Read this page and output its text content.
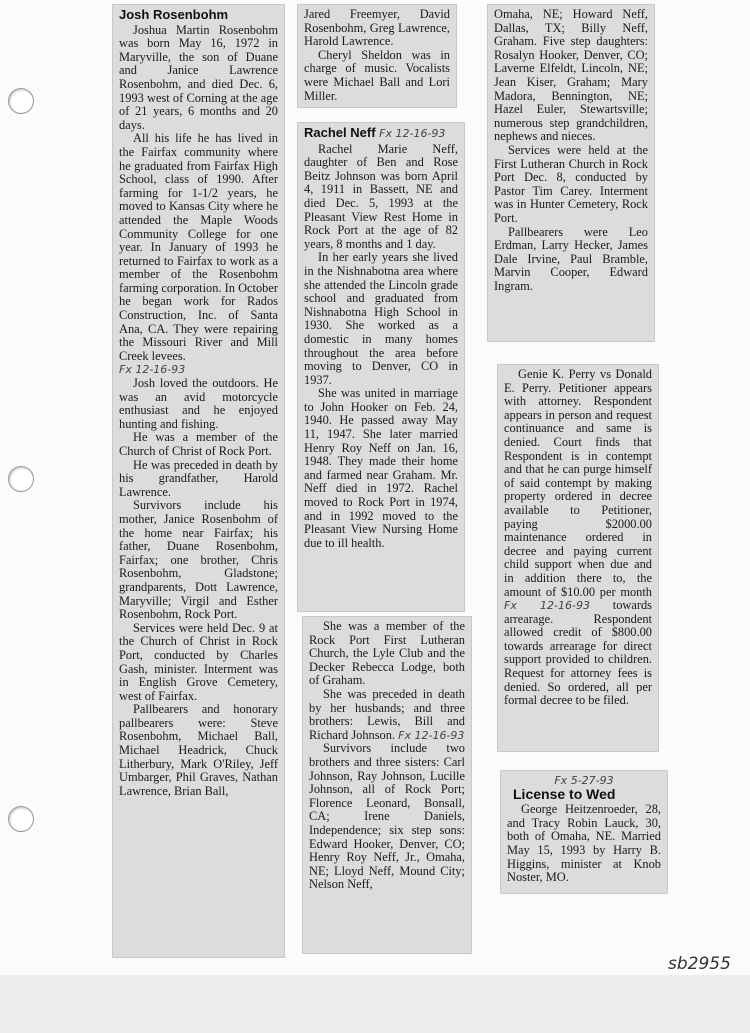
Josh Rosenbohm

Joshua Martin Rosenbohm was born May 16, 1972 in Maryville, the son of Duane and Janice Lawrence Rosenbohm, and died Dec. 6, 1993 west of Corning at the age of 21 years, 6 months and 20 days.

All his life he has lived in the Fairfax community where he graduated from Fairfax High School, class of 1990. After farming for 1-1/2 years, he moved to Kansas City where he attended the Maple Woods Community College for one year. In January of 1993 he returned to Fairfax to work as a member of the Rosenbohm farming corporation. In October he began work for Rados Construction, Inc. of Santa Ana, CA. They were repairing the Missouri River and Mill Creek levees.

Fx 12-16-93

Josh loved the outdoors. He was an avid motorcycle enthusiast and he enjoyed hunting and fishing.

He was a member of the Church of Christ of Rock Port.

He was preceded in death by his grandfather, Harold Lawrence.

Survivors include his mother, Janice Rosenbohm of the home near Fairfax; his father, Duane Rosenbohm, Fairfax; one brother, Chris Rosenbohm, Gladstone; grandparents, Dott Lawrence, Maryville; Virgil and Esther Rosenbohm, Rock Port.

Services were held Dec. 9 at the Church of Christ in Rock Port, conducted by Charles Gash, minister. Interment was in English Grove Cemetery, west of Fairfax.

Pallbearers and honorary pallbearers were: Steve Rosenbohm, Michael Ball, Michael Headrick, Chuck Litherbury, Mark O'Riley, Jeff Umbarger, Phil Graves, Nathan Lawrence, Brian Ball,

Jared Freemyer, David Rosenbohm, Greg Lawrence, Harold Lawrence.

Cheryl Sheldon was in charge of music. Vocalists were Michael Ball and Lori Miller.

Rachel Neff Fx 12-16-93

Rachel Marie Neff, daughter of Ben and Rose Beitz Johnson was born April 4, 1911 in Bassett, NE and died Dec. 5, 1993 at the Pleasant View Rest Home in Rock Port at the age of 82 years, 8 months and 1 day.

In her early years she lived in the Nishnabotna area where she attended the Lincoln grade school and graduated from Nishnabotna High School in 1930. She worked as a domestic in many homes throughout the area before moving to Denver, CO in 1937.

She was united in marriage to John Hooker on Feb. 24, 1940. He passed away May 11, 1947. She later married Henry Roy Neff on Jan. 16, 1948. They made their home and farmed near Graham. Mr. Neff died in 1972. Rachel moved to Rock Port in 1974, and in 1992 moved to the Pleasant View Nursing Home due to ill health.

She was a member of the Rock Port First Lutheran Church, the Lyle Club and the Decker Rebecca Lodge, both of Graham.

She was preceded in death by her husbands; and three brothers: Lewis, Bill and Richard Johnson. Fx 12-16-93

Survivors include two brothers and three sisters: Carl Johnson, Ray Johnson, Lucille Johnson, all of Rock Port; Florence Leonard, Bonsall, CA; Irene Daniels, Independence; six step sons: Edward Hooker, Denver, CO; Henry Roy Neff, Jr., Omaha, NE; Lloyd Neff, Mound City; Nelson Neff,

Omaha, NE; Howard Neff, Dallas, TX; Billy Neff, Graham. Five step daughters: Rosalyn Hooker, Denver, CO; Laverne Elfeldt, Lincoln, NE; Jean Kiser, Graham; Mary Madora, Bennington, NE; Hazel Euler, Stewartsville; numerous step grandchildren, nephews and nieces.

Services were held at the First Lutheran Church in Rock Port Dec. 8, conducted by Pastor Tim Carey. Interment was in Hunter Cemetery, Rock Port.

Pallbearers were Leo Erdman, Larry Hecker, James Dale Irvine, Paul Bramble, Marvin Cooper, Edward Ingram.

Genie K. Perry vs Donald E. Perry. Petitioner appears with attorney. Respondent appears in person and request continuance and same is denied. Court finds that Respondent is in contempt and that he can purge himself of said contempt by making property ordered in decree available to Petitioner, paying $2000.00 maintenance ordered in decree and paying current child support when due and in addition there to, the amount of $10.00 per month Fx 12-16-93 towards arrearage. Respondent allowed credit of $800.00 towards arrearage for direct support provided to children. Request for attorney fees is denied. So ordered, all per formal decree to be filed.

Fx 5-27-93

License to Wed

George Heitzenroeder, 28, and Tracy Robin Lauck, 30, both of Omaha, NE. Married May 15, 1993 by Harry B. Higgins, minister at Knob Noster, MO.

sb2955
